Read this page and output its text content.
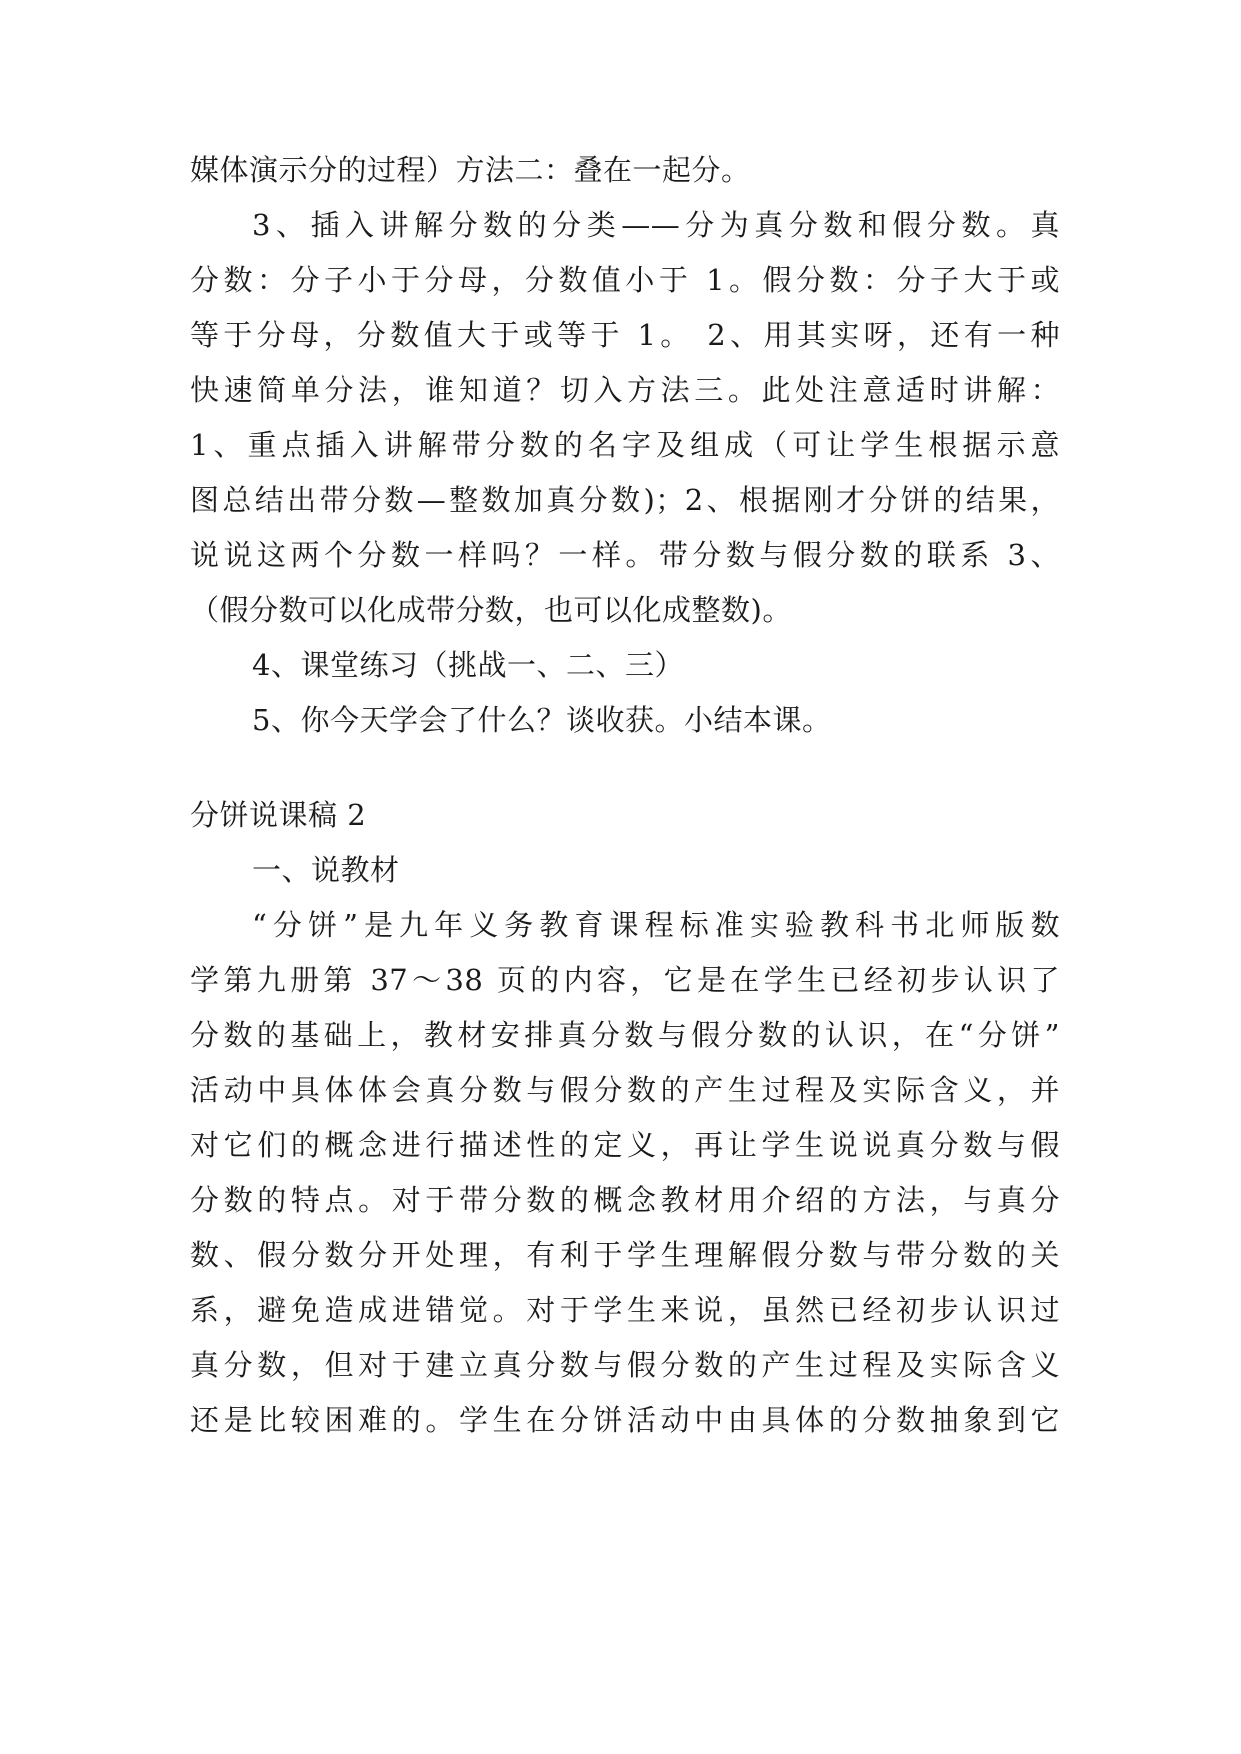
媒体演示分的过程）方法二：叠在一起分。
3、插入讲解分数的分类——分为真分数和假分数。真
分数：分子小于分母，分数值小于 1。假分数：分子大于或
等于分母，分数值大于或等于 1。 2、用其实呀，还有一种
快速简单分法，谁知道？切入方法三。此处注意适时讲解：
1、重点插入讲解带分数的名字及组成（可让学生根据示意
图总结出带分数—整数加真分数)；2、根据刚才分饼的结果，
说说这两个分数一样吗？一样。带分数与假分数的联系 3、
（假分数可以化成带分数，也可以化成整数)。
4、课堂练习（挑战一、二、三）
5、你今天学会了什么？谈收获。小结本课。
分饼说课稿 2
一、说教材
“分饼”是九年义务教育课程标准实验教科书北师版数
学第九册第 37～38 页的内容，它是在学生已经初步认识了
分数的基础上，教材安排真分数与假分数的认识，在“分饼”
活动中具体体会真分数与假分数的产生过程及实际含义，并
对它们的概念进行描述性的定义，再让学生说说真分数与假
分数的特点。对于带分数的概念教材用介绍的方法，与真分
数、假分数分开处理，有利于学生理解假分数与带分数的关
系，避免造成进错觉。对于学生来说，虽然已经初步认识过
真分数，但对于建立真分数与假分数的产生过程及实际含义
还是比较困难的。学生在分饼活动中由具体的分数抽象到它
